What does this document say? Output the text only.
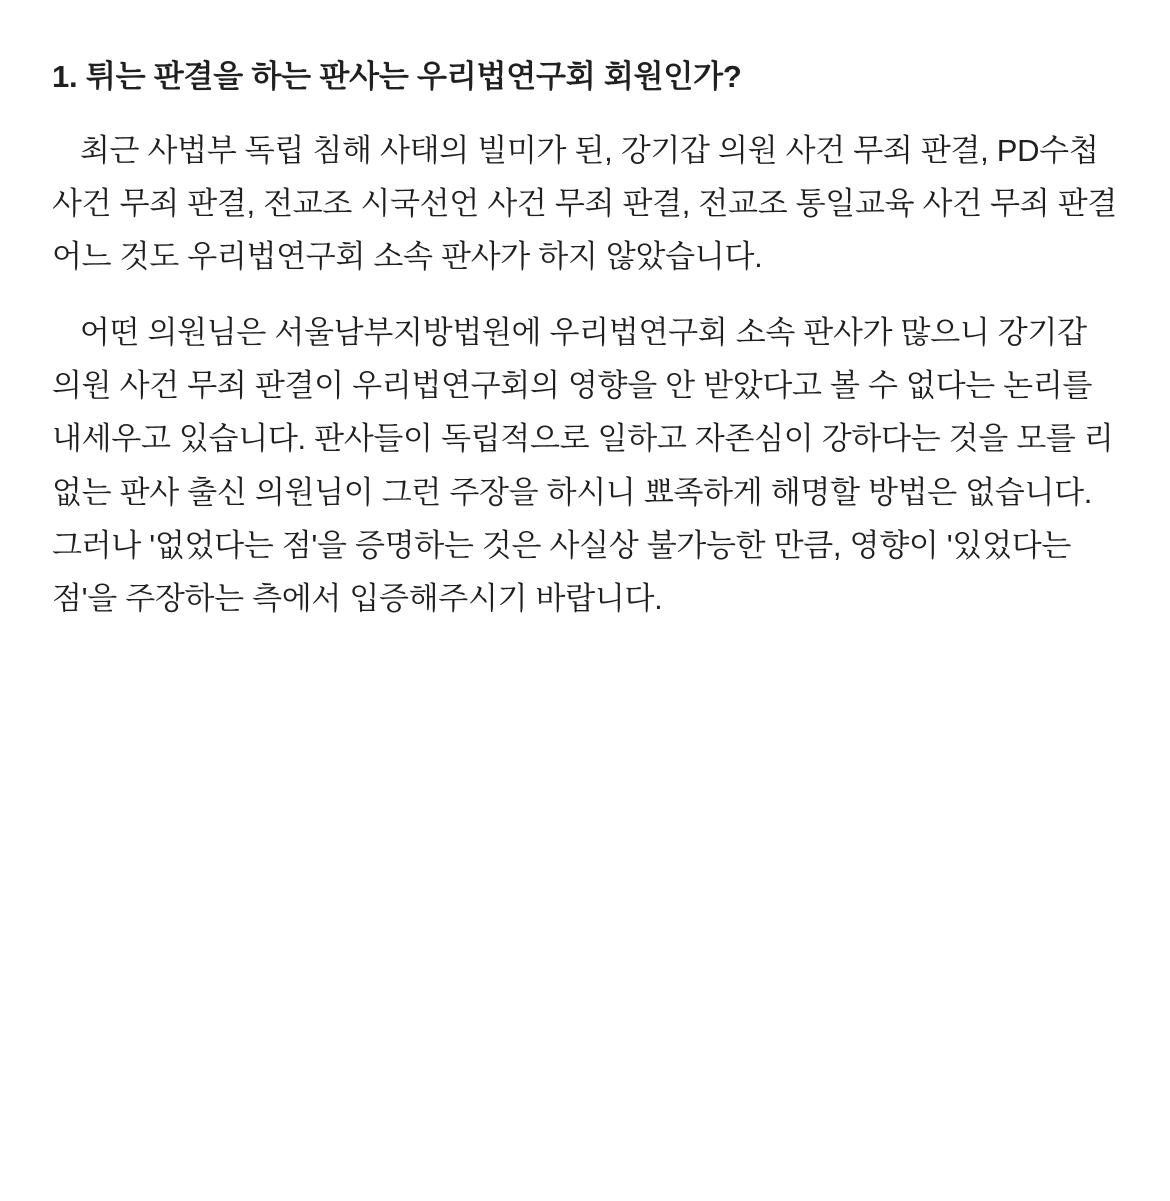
1. 튀는 판결을 하는 판사는 우리법연구회 회원인가?

최근 사법부 독립 침해 사태의 빌미가 된, 강기갑 의원 사건 무죄 판결, PD수첩 사건 무죄 판결, 전교조 시국선언 사건 무죄 판결, 전교조 통일교육 사건 무죄 판결 어느 것도 우리법연구회 소속 판사가 하지 않았습니다.

어떤 의원님은 서울남부지방법원에 우리법연구회 소속 판사가 많으니 강기갑 의원 사건 무죄 판결이 우리법연구회의 영향을 안 받았다고 볼 수 없다는 논리를 내세우고 있습니다. 판사들이 독립적으로 일하고 자존심이 강하다는 것을 모를 리 없는 판사 출신 의원님이 그런 주장을 하시니 뾰족하게 해명할 방법은 없습니다. 그러나 '없었다는 점'을 증명하는 것은 사실상 불가능한 만큼, 영향이 '있었다는 점'을 주장하는 측에서 입증해주시기 바랍니다.
